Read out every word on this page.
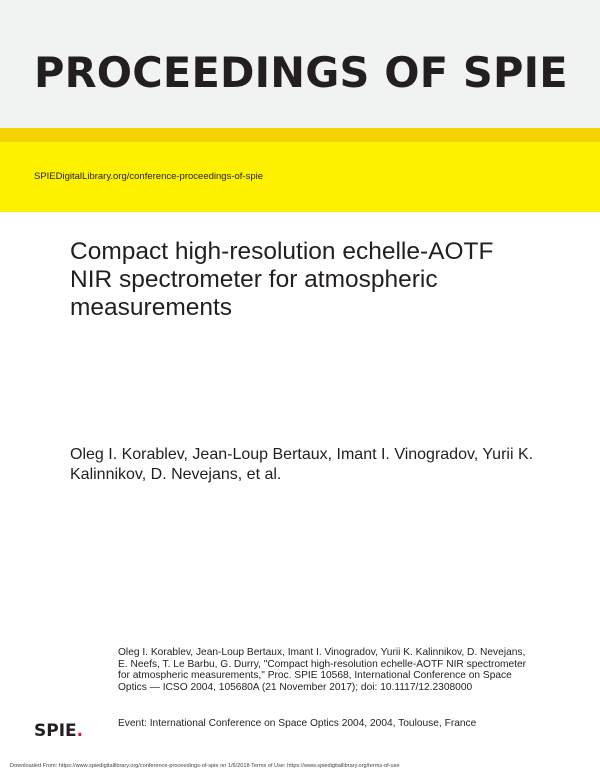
PROCEEDINGS OF SPIE
SPIEDigitalLibrary.org/conference-proceedings-of-spie
Compact high-resolution echelle-AOTF NIR spectrometer for atmospheric measurements

Oleg I. Korablev, Jean-Loup Bertaux, Imant I. Vinogradov, Yurii K. Kalinnikov, D. Nevejans, et al.

Oleg I. Korablev, Jean-Loup Bertaux, Imant I. Vinogradov, Yurii K. Kalinnikov, D. Nevejans, E. Neefs, T. Le Barbu, G. Durry, "Compact high-resolution echelle-AOTF NIR spectrometer for atmospheric measurements," Proc. SPIE 10568, International Conference on Space Optics — ICSO 2004, 105680A (21 November 2017); doi: 10.1117/12.2308000

SPIE.	Event: International Conference on Space Optics 2004, 2004, Toulouse, France

Downloaded From: https://www.spiedigitallibrary.org/conference-proceedings-of-spie on 1/6/2018 Terms of Use: https://www.spiedigitallibrary.org/terms-of-use
